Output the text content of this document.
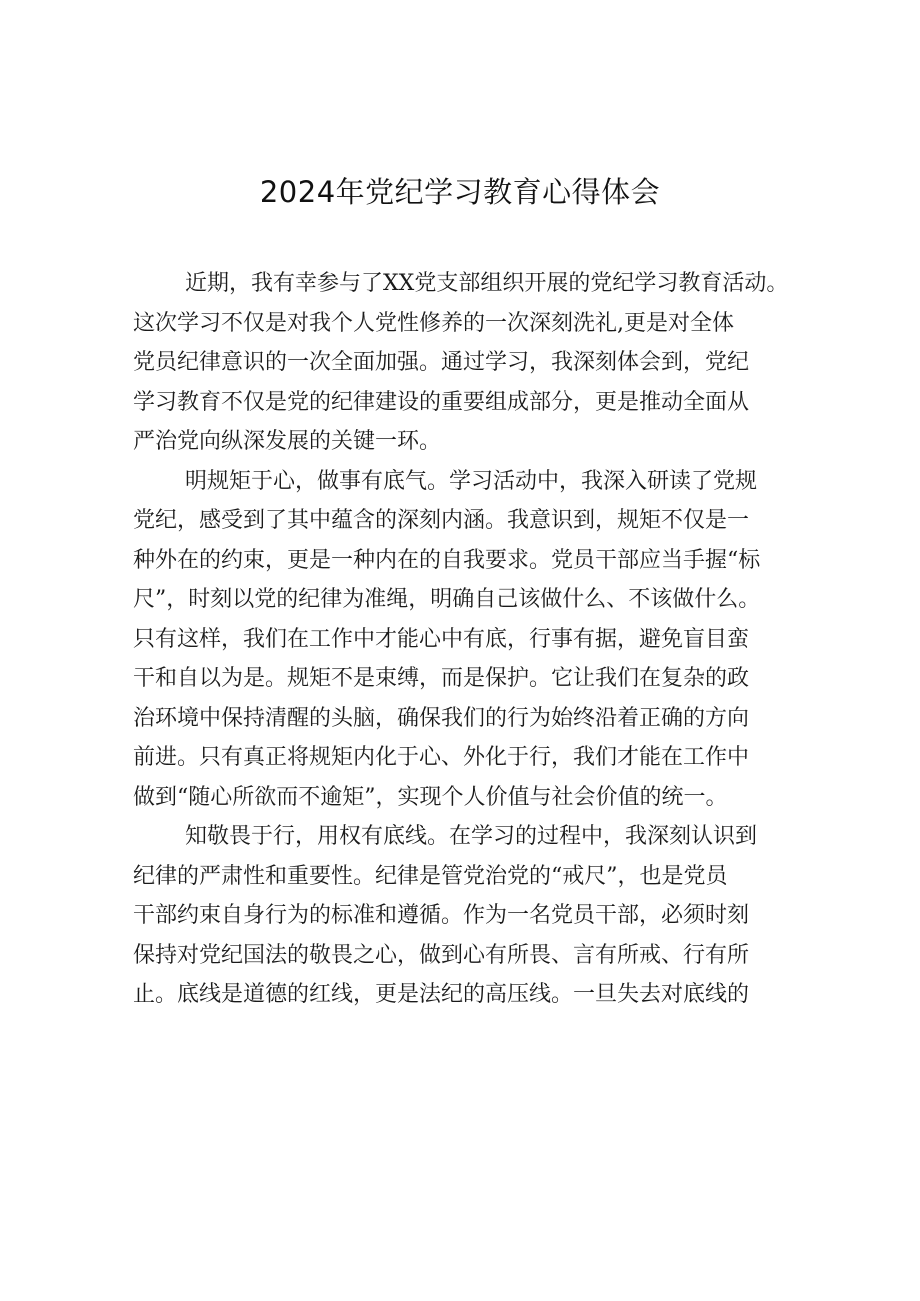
2024年党纪学习教育心得体会

近期，我有幸参与了XX党支部组织开展的党纪学习教育活动。
这次学习不仅是对我个人党性修养的一次深刻洗礼,更是对全体
党员纪律意识的一次全面加强。通过学习，我深刻体会到，党纪
学习教育不仅是党的纪律建设的重要组成部分，更是推动全面从
严治党向纵深发展的关键一环。

明规矩于心，做事有底气。学习活动中，我深入研读了党规
党纪，感受到了其中蕴含的深刻内涵。我意识到，规矩不仅是一
种外在的约束，更是一种内在的自我要求。党员干部应当手握“标
尺”，时刻以党的纪律为准绳，明确自己该做什么、不该做什么。
只有这样，我们在工作中才能心中有底，行事有据，避免盲目蛮
干和自以为是。规矩不是束缚，而是保护。它让我们在复杂的政
治环境中保持清醒的头脑，确保我们的行为始终沿着正确的方向
前进。只有真正将规矩内化于心、外化于行，我们才能在工作中
做到“随心所欲而不逾矩”，实现个人价值与社会价值的统一。

知敬畏于行，用权有底线。在学习的过程中，我深刻认识到
纪律的严肃性和重要性。纪律是管党治党的“戒尺”，也是党员
干部约束自身行为的标准和遵循。作为一名党员干部，必须时刻
保持对党纪国法的敬畏之心，做到心有所畏、言有所戒、行有所
止。底线是道德的红线，更是法纪的高压线。一旦失去对底线的
